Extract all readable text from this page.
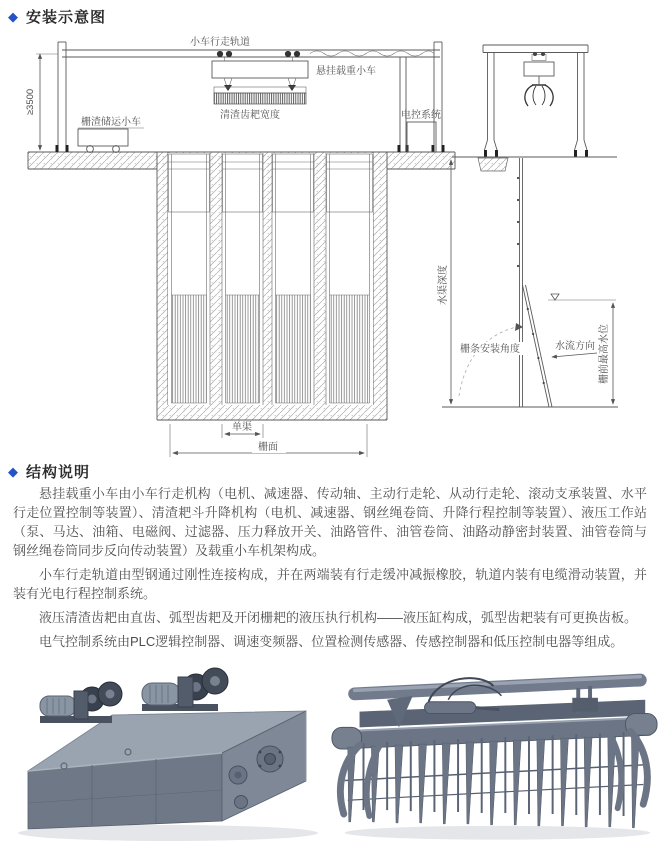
◆ 安装示意图
≥3500
单渠
栅面
小车行走轨道
悬挂载重小车
清渣齿耙宽度
栅渣储运小车
电控系统
水渠深度
栅条安装角度	水流方向 栅前最高水位
◆ 结构说明

悬挂载重小车由小车行走机构（电机、减速器、传动轴、主动行走轮、从动行走轮、滚动支承装置、水平行走位置控制等装置）、清渣耙斗升降机构（电机、减速器、钢丝绳卷筒、升降行程控制等装置）、液压工作站（泵、马达、油箱、电磁阀、过滤器、压力释放开关、油路管件、油管卷筒、油路动静密封装置、油管卷筒与钢丝绳卷筒同步反向传动装置）及载重小车机架构成。

小车行走轨道由型钢通过刚性连接构成，并在两端装有行走缓冲减振橡胶，轨道内装有电缆滑动装置，并装有光电行程控制系统。

液压清渣齿耙由直齿、弧型齿耙及开闭栅耙的液压执行机构——液压缸构成，弧型齿耙装有可更换齿板。

电气控制系统由PLC逻辑控制器、调速变频器、位置检测传感器、传感控制器和低压控制电器等组成。
